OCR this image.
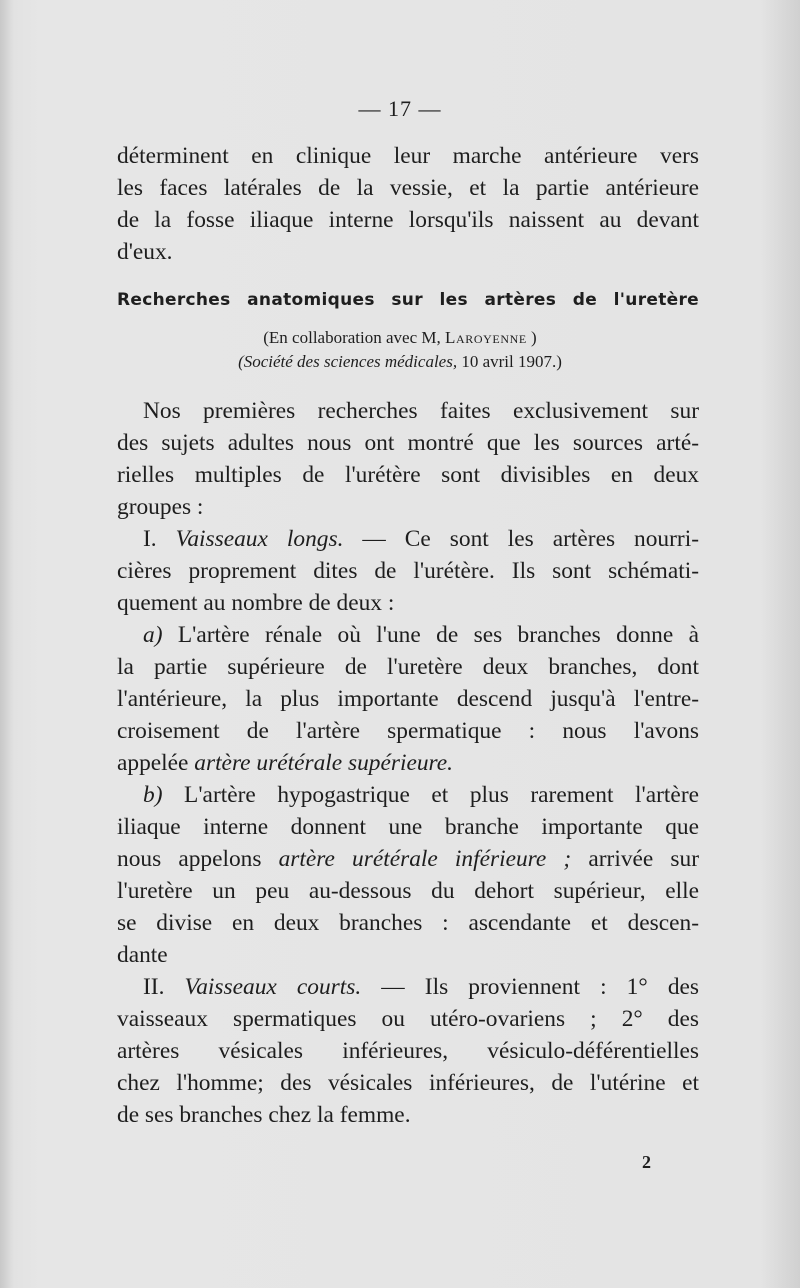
— 17 —

déterminent en clinique leur marche antérieure vers
les faces latérales de la vessie, et la partie antérieure
de la fosse iliaque interne lorsqu'ils naissent au devant
d'eux.

Recherches anatomiques sur les artères de l'uretère
(En collaboration avec M, Laroyenne )
(Société des sciences médicales, 10 avril 1907.)

Nos premières recherches faites exclusivement sur
des sujets adultes nous ont montré que les sources arté-
rielles multiples de l'urétère sont divisibles en deux
groupes :

I. Vaisseaux longs. — Ce sont les artères nourri-
cières proprement dites de l'urétère. Ils sont schémati-
quement au nombre de deux :

a) L'artère rénale où l'une de ses branches donne à
la partie supérieure de l'uretère deux branches, dont
l'antérieure, la plus importante descend jusqu'à l'entre-
croisement de l'artère spermatique : nous l'avons
appelée artère urétérale supérieure.

b) L'artère hypogastrique et plus rarement l'artère
iliaque interne donnent une branche importante que
nous appelons artère urétérale inférieure ; arrivée sur
l'uretère un peu au-dessous du dehort supérieur, elle
se divise en deux branches : ascendante et descen-
dante

II. Vaisseaux courts. — Ils proviennent : 1° des
vaisseaux spermatiques ou utéro-ovariens ; 2° des
artères vésicales inférieures, vésiculo-déférentielles
chez l'homme; des vésicales inférieures, de l'utérine et
de ses branches chez la femme.

2
